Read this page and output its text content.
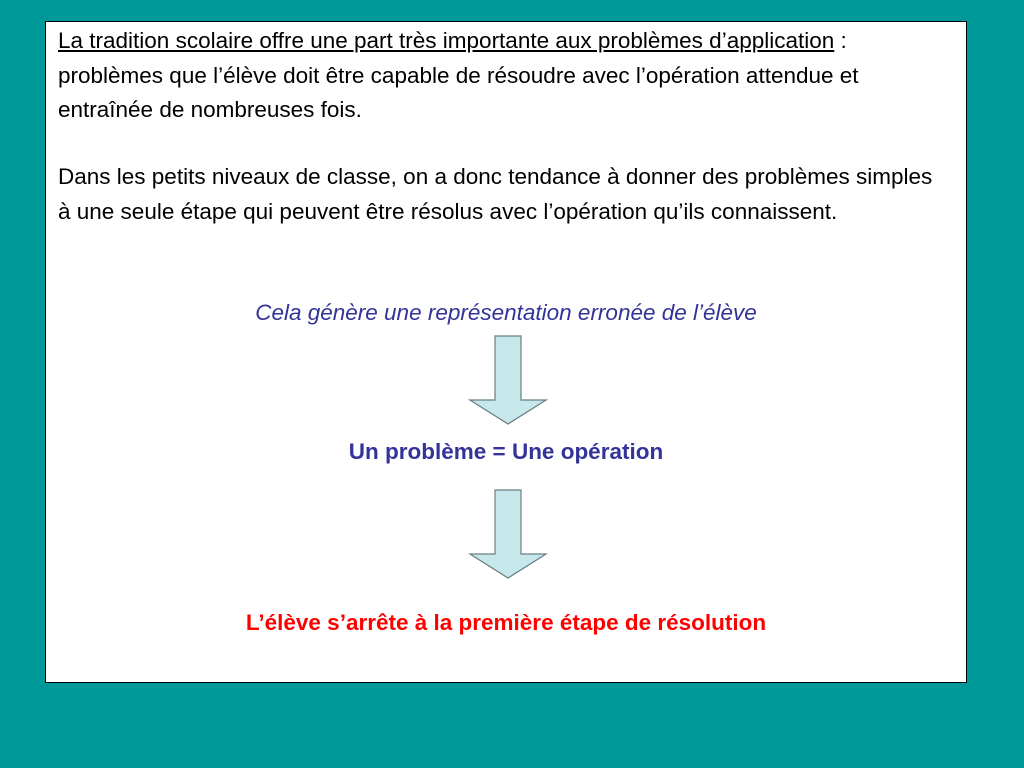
La tradition scolaire offre une part très importante aux problèmes d’application : problèmes que l’élève doit être capable de résoudre avec l’opération attendue et entraînée de nombreuses fois.

Dans les petits niveaux de classe, on a donc tendance à donner des problèmes simples à une seule étape qui peuvent être résolus avec l’opération qu’ils connaissent.

Cela génère une représentation erronée de l’élève

Un problème = Une opération

L’élève s’arrête à la première étape de résolution
